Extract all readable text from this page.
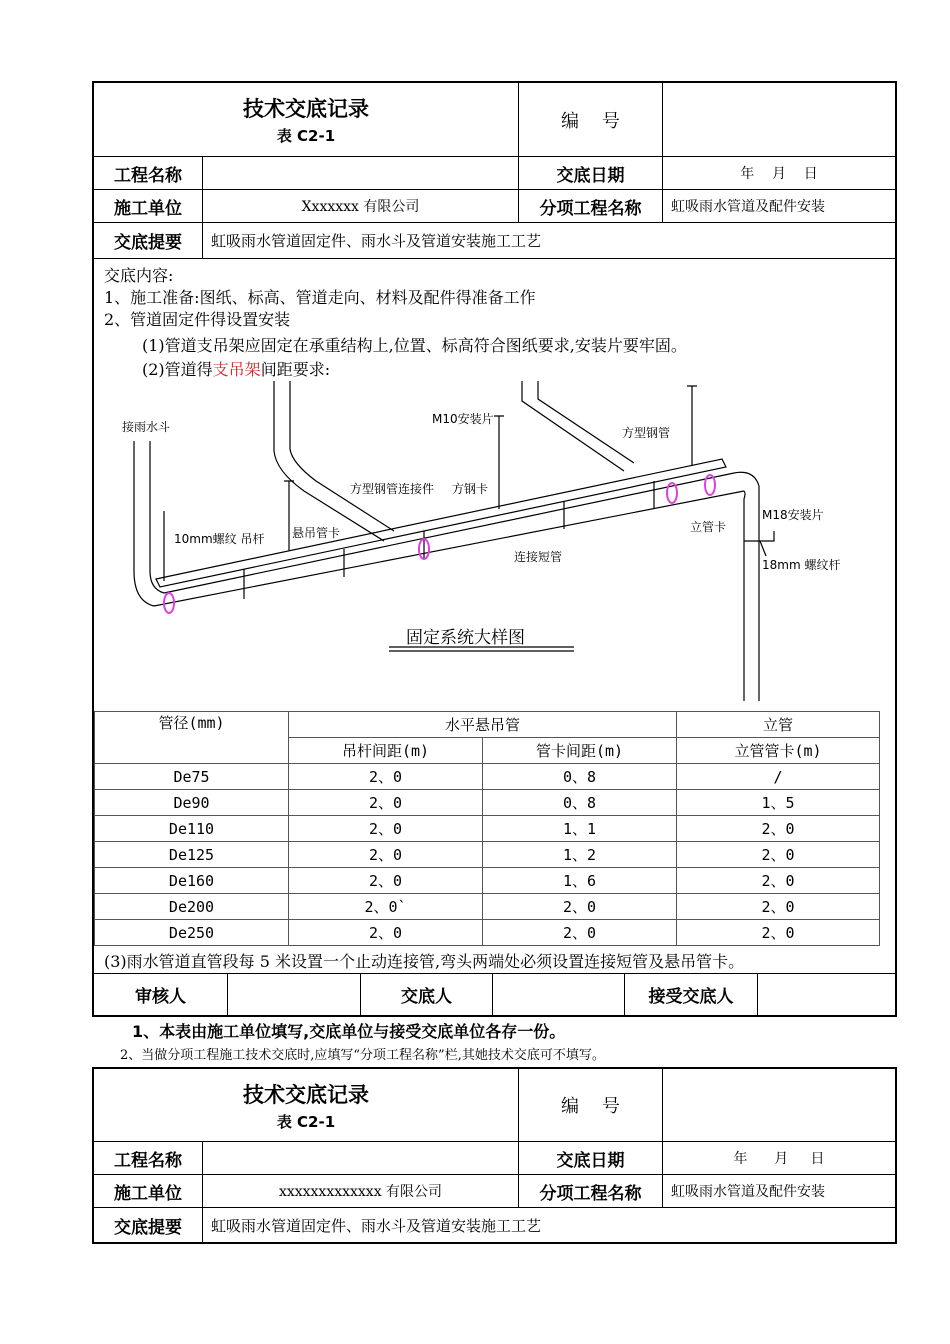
技术交底记录
表 C2-1
编    号
工程名称	交底日期	年    月    日
施工单位	Xxxxxxx 有限公司	分项工程名称 虹吸雨水管道及配件安装
交底提要 虹吸雨水管道固定件、雨水斗及管道安装施工工艺
交底内容:
1、施工准备:图纸、标高、管道走向、材料及配件得准备工作
2、管道固定件得设置安装
(1)管道支吊架应固定在承重结构上,位置、标高符合图纸要求,安装片要牢固。
(2)管道得支吊架间距要求:
接雨水斗
M10安装片
方型钢管
方型钢管连接件 方钢卡
10mm螺纹 吊杆 悬吊管卡
连接短管
M18安装片
立管卡
18mm 螺纹杆
固定系统大样图
管径(mm)	水平悬吊管		立管
	吊杆间距(m)	管卡间距(m)	立管管卡(m)
De75	2、0	0、8	/
De90	2、0	0、8	1、5
De110	2、0	1、1	2、0
De125	2、0	1、2	2、0
De160	2、0	1、6	2、0
De200	2、0`	2、0	2、0
De250	2、0	2、0	2、0
(3)雨水管道直管段每 5 米设置一个止动连接管,弯头两端处必须设置连接短管及悬吊管卡。
审核人	交底人	接受交底人
1、本表由施工单位填写,交底单位与接受交底单位各存一份。
2、当做分项工程施工技术交底时,应填写“分项工程名称”栏,其她技术交底可不填写。
技术交底记录
表 C2-1
编    号
工程名称	交底日期	年      月     日
施工单位	xxxxxxxxxxxxx 有限公司	分项工程名称 虹吸雨水管道及配件安装
交底提要 虹吸雨水管道固定件、雨水斗及管道安装施工工艺
